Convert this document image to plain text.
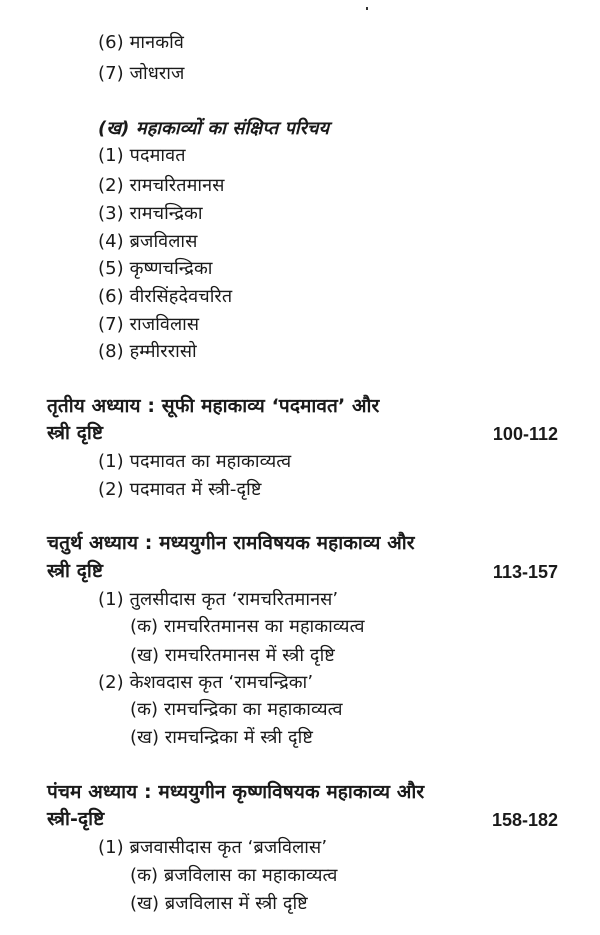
(6) मानकवि
(7) जोधराज
(ख) महाकाव्यों का संक्षिप्त परिचय
(1) पदमावत
(2) रामचरितमानस
(3) रामचन्द्रिका
(4) ब्रजविलास
(5) कृष्णचन्द्रिका
(6) वीरसिंहदेवचरित
(7) राजविलास
(8) हम्मीररासो
तृतीय अध्याय : सूफी महाकाव्य ‘पदमावत’ और
स्त्री दृष्टि	100-112
(1) पदमावत का महाकाव्यत्व
(2) पदमावत में स्त्री-दृष्टि
चतुर्थ अध्याय : मध्ययुगीन रामविषयक महाकाव्य और
स्त्री दृष्टि	113-157
(1) तुलसीदास कृत ‘रामचरितमानस’
(क) रामचरितमानस का महाकाव्यत्व
(ख) रामचरितमानस में स्त्री दृष्टि
(2) केशवदास कृत ‘रामचन्द्रिका’
(क) रामचन्द्रिका का महाकाव्यत्व
(ख) रामचन्द्रिका में स्त्री दृष्टि
पंचम अध्याय : मध्ययुगीन कृष्णविषयक महाकाव्य और
स्त्री-दृष्टि	158-182
(1) ब्रजवासीदास कृत ‘ब्रजविलास’
(क) ब्रजविलास का महाकाव्यत्व
(ख) ब्रजविलास में स्त्री दृष्टि
